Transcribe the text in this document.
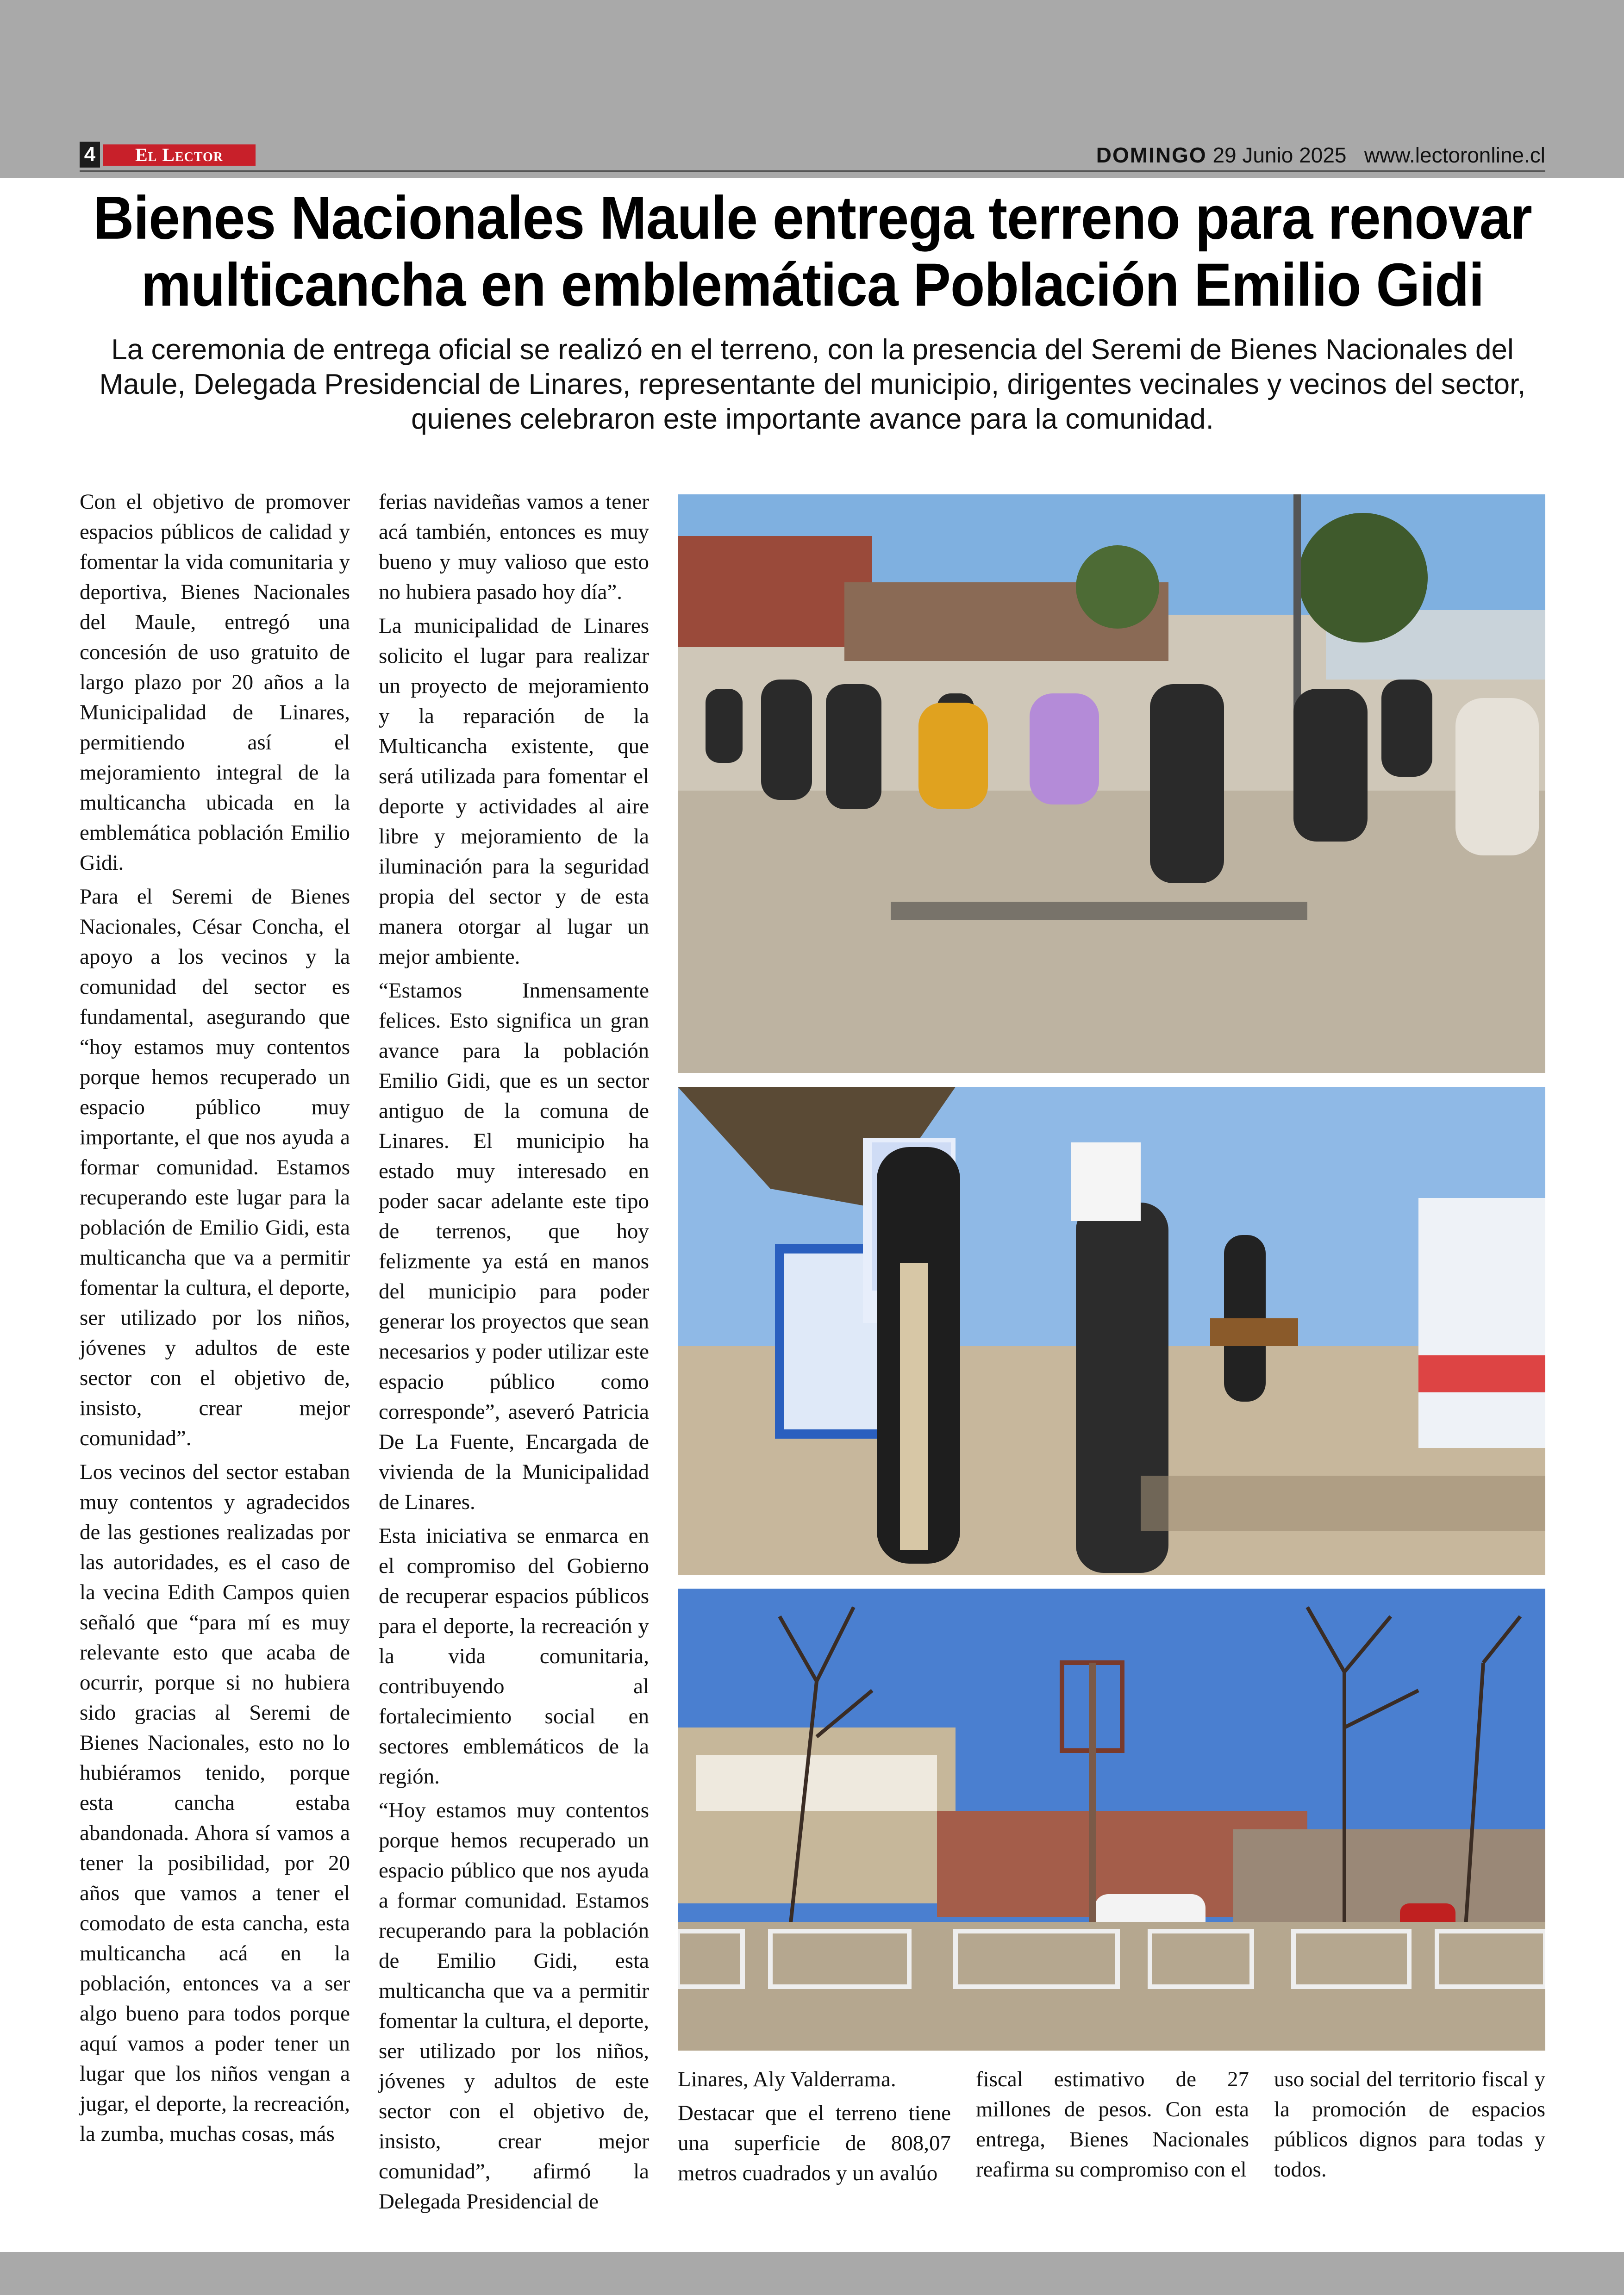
4	El Lector	DOMINGO 29 Junio 2025 www.lectoronline.cl
Bienes Nacionales Maule entrega terreno para renovar
multicancha en emblemática Población Emilio Gidi
La ceremonia de entrega oficial se realizó en el terreno, con la presencia del Seremi de Bienes Nacionales del Maule, Delegada Presidencial de Linares, representante del municipio, dirigentes vecinales y vecinos del sector, quienes celebraron este importante avance para la comunidad.

Con el objetivo de promover espacios públicos de calidad y fomentar la vida comunitaria y deportiva, Bienes Nacionales del Maule, entregó una concesión de uso gratuito de largo plazo por 20 años a la Municipalidad de Linares, permitiendo así el mejoramiento integral de la multicancha ubicada en la emblemática población Emilio Gidi.

Para el Seremi de Bienes Nacionales, César Concha, el apoyo a los vecinos y la comunidad del sector es fundamental, asegurando que “hoy estamos muy contentos porque hemos recuperado un espacio público muy importante, el que nos ayuda a formar comunidad. Estamos recuperando este lugar para la población de Emilio Gidi, esta multicancha que va a permitir fomentar la cultura, el deporte, ser utilizado por los niños, jóvenes y adultos de este sector con el objetivo de, insisto, crear mejor comunidad”.

Los vecinos del sector estaban muy contentos y agradecidos de las gestiones realizadas por las autoridades, es el caso de la vecina Edith Campos quien señaló que “para mí es muy relevante esto que acaba de ocurrir, porque si no hubiera sido gracias al Seremi de Bienes Nacionales, esto no lo hubiéramos tenido, porque esta cancha estaba abandonada. Ahora sí vamos a tener la posibilidad, por 20 años que vamos a tener el comodato de esta cancha, esta multicancha acá en la población, entonces va a ser algo bueno para todos porque aquí vamos a poder tener un lugar que los niños vengan a jugar, el deporte, la recreación, la zumba, muchas cosas, más

ferias navideñas vamos a tener acá también, entonces es muy bueno y muy valioso que esto no hubiera pasado hoy día”.

La municipalidad de Linares solicito el lugar para realizar un proyecto de mejoramiento y la reparación de la Multicancha existente, que será utilizada para fomentar el deporte y actividades al aire libre y mejoramiento de la iluminación para la seguridad propia del sector y de esta manera otorgar al lugar un mejor ambiente.

“Estamos Inmensamente felices. Esto significa un gran avance para la población Emilio Gidi, que es un sector antiguo de la comuna de Linares. El municipio ha estado muy interesado en poder sacar adelante este tipo de terrenos, que hoy felizmente ya está en manos del municipio para poder generar los proyectos que sean necesarios y poder utilizar este espacio público como corresponde”, aseveró Patricia De La Fuente, Encargada de vivienda de la Municipalidad de Linares.

Esta iniciativa se enmarca en el compromiso del Gobierno de recuperar espacios públicos para el deporte, la recreación y la vida comunitaria, contribuyendo al fortalecimiento social en sectores emblemáticos de la región.

“Hoy estamos muy contentos porque hemos recuperado un espacio público que nos ayuda a formar comunidad. Estamos recuperando para la población de Emilio Gidi, esta multicancha que va a permitir fomentar la cultura, el deporte, ser utilizado por los niños, jóvenes y adultos de este sector con el objetivo de, insisto, crear mejor comunidad”, afirmó la Delegada Presidencial de

Linares, Aly Valderrama.

Destacar que el terreno tiene una superficie de 808,07 metros cuadrados y un avalúo

fiscal estimativo de 27 millones de pesos. Con esta entrega, Bienes Nacionales reafirma su compromiso con el

uso social del territorio fiscal y la promoción de espacios públicos dignos para todas y todos.
